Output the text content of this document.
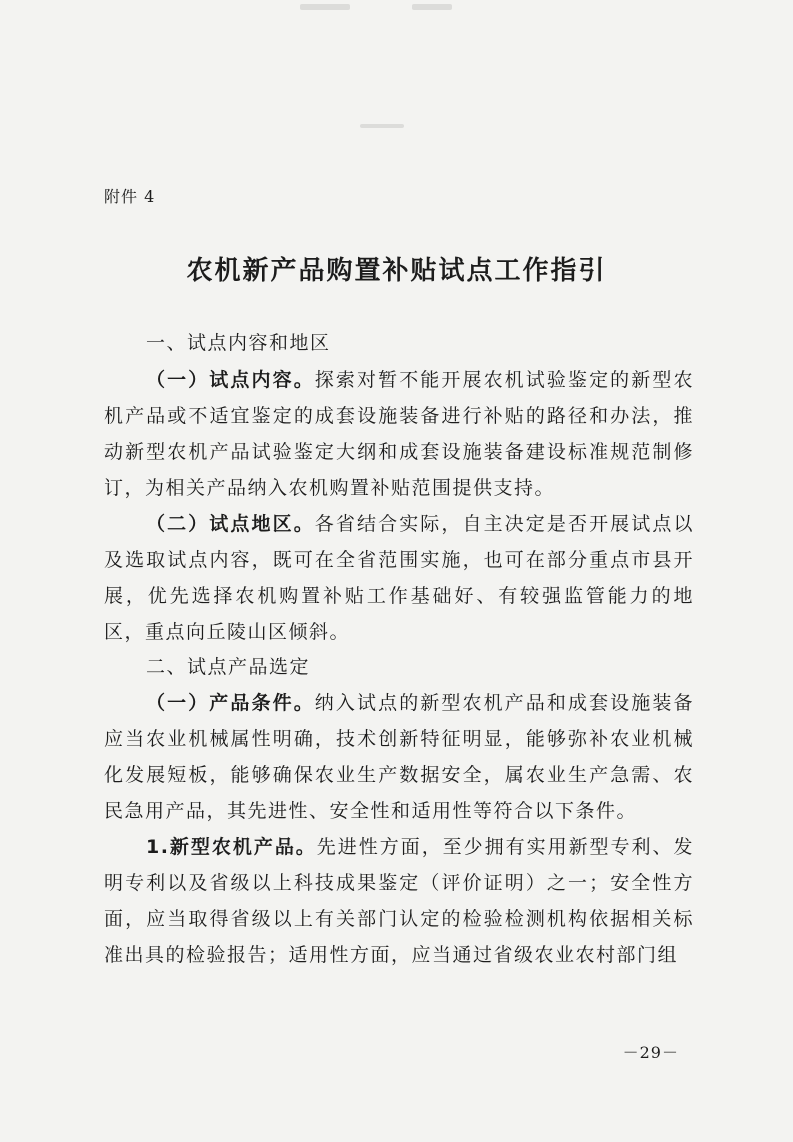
附件 4
农机新产品购置补贴试点工作指引
一、试点内容和地区
（一）试点内容。探索对暂不能开展农机试验鉴定的新型农机产品或不适宜鉴定的成套设施装备进行补贴的路径和办法，推动新型农机产品试验鉴定大纲和成套设施装备建设标准规范制修订，为相关产品纳入农机购置补贴范围提供支持。
（二）试点地区。各省结合实际，自主决定是否开展试点以及选取试点内容，既可在全省范围实施，也可在部分重点市县开展，优先选择农机购置补贴工作基础好、有较强监管能力的地区，重点向丘陵山区倾斜。
二、试点产品选定
（一）产品条件。纳入试点的新型农机产品和成套设施装备应当农业机械属性明确，技术创新特征明显，能够弥补农业机械化发展短板，能够确保农业生产数据安全，属农业生产急需、农民急用产品，其先进性、安全性和适用性等符合以下条件。
1.新型农机产品。先进性方面，至少拥有实用新型专利、发明专利以及省级以上科技成果鉴定（评价证明）之一；安全性方面，应当取得省级以上有关部门认定的检验检测机构依据相关标准出具的检验报告；适用性方面，应当通过省级农业农村部门组
－29－
